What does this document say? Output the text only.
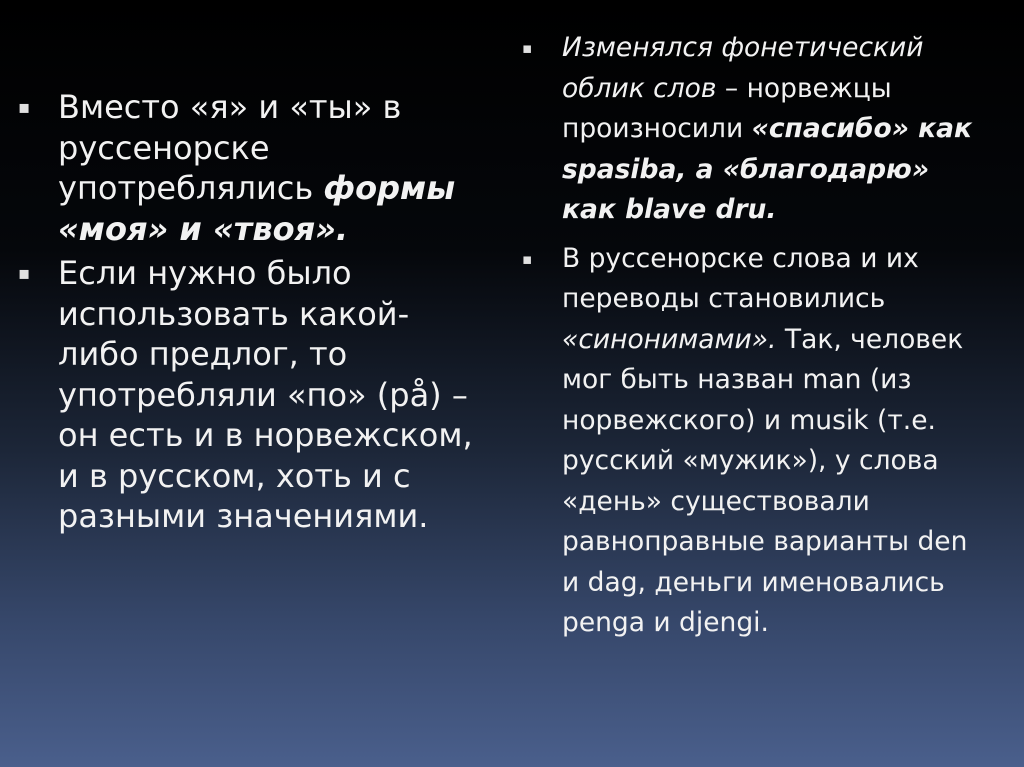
▪ Вместо «я» и «ты» в руссенорске употреблялись формы «моя» и «твоя».
▪ Если нужно было использовать какой-либо предлог, то употребляли «по» (på) – он есть и в норвежском, и в русском, хоть и с разными значениями.
▪ Изменялся фонетический облик слов – норвежцы произносили «спасибо» как spasiba, а «благодарю» как blave dru.
▪ В руссенорске слова и их переводы становились «синонимами». Так, человек мог быть назван man (из норвежского) и musik (т.е. русский «мужик»), у слова «день» существовали равноправные варианты den и dag, деньги именовались penga и djengi.
